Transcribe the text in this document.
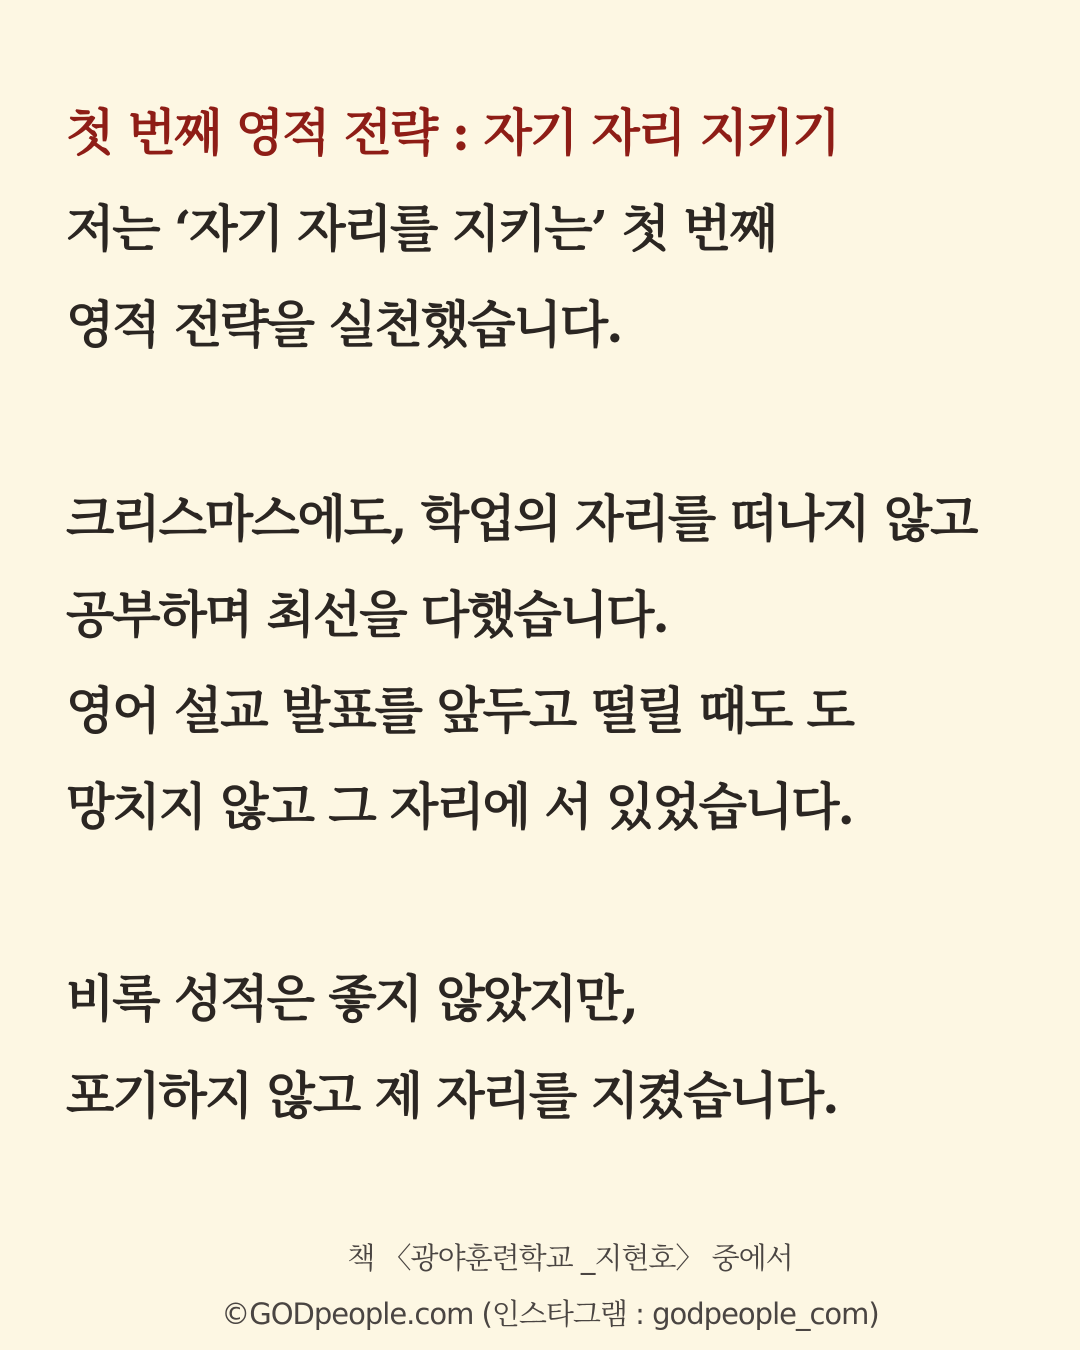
첫 번째 영적 전략 : 자기 자리 지키기
저는 ‘자기 자리를 지키는’ 첫 번째
영적 전략을 실천했습니다.
크리스마스에도, 학업의 자리를 떠나지 않고
공부하며 최선을 다했습니다.
영어 설교 발표를 앞두고 떨릴 때도 도
망치지 않고 그 자리에 서 있었습니다.
비록 성적은 좋지 않았지만,
포기하지 않고 제 자리를 지켰습니다.
책 〈광야훈련학교 _지현호〉 중에서
©GODpeople.com (인스타그램 : godpeople_com)
